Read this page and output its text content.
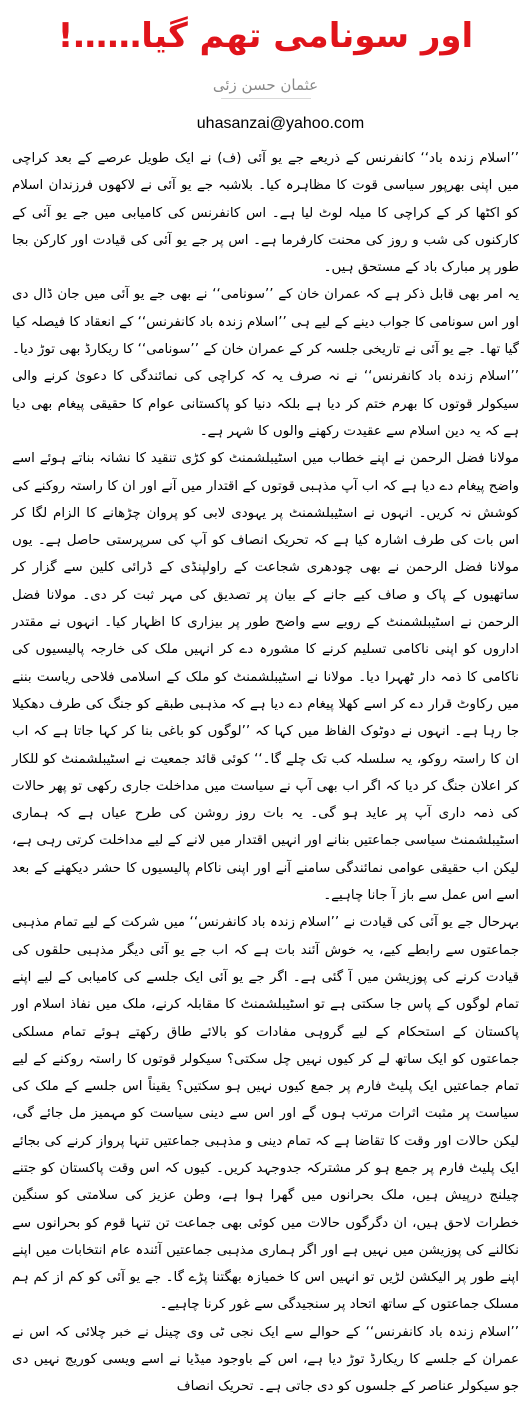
اور سونامی تھم گیا……!
عثمان حسن زئی
uhasanzai@yahoo.com

’’اسلام زندہ باد‘‘ کانفرنس کے ذریعے جے یو آئی (ف) نے ایک طویل عرصے کے بعد کراچی میں اپنی بھرپور سیاسی قوت کا مظاہرہ کیا۔ بلاشبہ جے یو آئی نے لاکھوں فرزندان اسلام کو اکٹھا کر کے کراچی کا میلہ لوٹ لیا ہے۔ اس کانفرنس کی کامیابی میں جے یو آئی کے کارکنوں کی شب و روز کی محنت کارفرما ہے۔ اس پر جے یو آئی کی قیادت اور کارکن بجا طور پر مبارک باد کے مستحق ہیں۔

یہ امر بھی قابل ذکر ہے کہ عمران خان کے ’’سونامی‘‘ نے بھی جے یو آئی میں جان ڈال دی اور اس سونامی کا جواب دینے کے لیے ہی ’’اسلام زندہ باد کانفرنس‘‘ کے انعقاد کا فیصلہ کیا گیا تھا۔ جے یو آئی نے تاریخی جلسہ کر کے عمران خان کے ’’سونامی‘‘ کا ریکارڈ بھی توڑ دیا۔ ’’اسلام زندہ باد کانفرنس‘‘ نے نہ صرف یہ کہ کراچی کی نمائندگی کا دعویٰ کرنے والی سیکولر قوتوں کا بھرم ختم کر دیا ہے بلکہ دنیا کو پاکستانی عوام کا حقیقی پیغام بھی دیا ہے کہ یہ دین اسلام سے عقیدت رکھنے والوں کا شہر ہے۔

مولانا فضل الرحمن نے اپنے خطاب میں اسٹیبلشمنٹ کو کڑی تنقید کا نشانہ بناتے ہوئے اسے واضح پیغام دے دیا ہے کہ اب آپ مذہبی قوتوں کے اقتدار میں آنے اور ان کا راستہ روکنے کی کوشش نہ کریں۔ انہوں نے اسٹیبلشمنٹ پر یہودی لابی کو پروان چڑھانے کا الزام لگا کر اس بات کی طرف اشارہ کیا ہے کہ تحریک انصاف کو آپ کی سرپرستی حاصل ہے۔ یوں مولانا فضل الرحمن نے بھی چودھری شجاعت کے راولپنڈی کے ڈرائی کلین سے گزار کر ساتھیوں کے پاک و صاف کیے جانے کے بیان پر تصدیق کی مہر ثبت کر دی۔ مولانا فضل الرحمن نے اسٹیبلشمنٹ کے رویے سے واضح طور پر بیزاری کا اظہار کیا۔ انہوں نے مقتدر اداروں کو اپنی ناکامی تسلیم کرنے کا مشورہ دے کر انہیں ملک کی خارجہ پالیسیوں کی ناکامی کا ذمہ دار ٹھہرا دیا۔ مولانا نے اسٹیبلشمنٹ کو ملک کے اسلامی فلاحی ریاست بننے میں رکاوٹ قرار دے کر اسے کھلا پیغام دے دیا ہے کہ مذہبی طبقے کو جنگ کی طرف دھکیلا جا رہا ہے۔ انہوں نے دوٹوک الفاظ میں کہا کہ ’’لوگوں کو باغی بنا کر کہا جاتا ہے کہ اب ان کا راستہ روکو، یہ سلسلہ کب تک چلے گا۔‘‘ کوئی قائد جمعیت نے اسٹیبلشمنٹ کو للکار کر اعلان جنگ کر دیا کہ اگر اب بھی آپ نے سیاست میں مداخلت جاری رکھی تو پھر حالات کی ذمہ داری آپ پر عاید ہو گی۔ یہ بات روز روشن کی طرح عیاں ہے کہ ہماری اسٹیبلشمنٹ سیاسی جماعتیں بنانے اور انہیں اقتدار میں لانے کے لیے مداخلت کرتی رہی ہے، لیکن اب حقیقی عوامی نمائندگی سامنے آنے اور اپنی ناکام پالیسیوں کا حشر دیکھنے کے بعد اسے اس عمل سے باز آ جانا چاہیے۔

بہرحال جے یو آئی کی قیادت نے ’’اسلام زندہ باد کانفرنس‘‘ میں شرکت کے لیے تمام مذہبی جماعتوں سے رابطے کیے، یہ خوش آئند بات ہے کہ اب جے یو آئی دیگر مذہبی حلقوں کی قیادت کرنے کی پوزیشن میں آ گئی ہے۔ اگر جے یو آئی ایک جلسے کی کامیابی کے لیے اپنے تمام لوگوں کے پاس جا سکتی ہے تو اسٹیبلشمنٹ کا مقابلہ کرنے، ملک میں نفاذ اسلام اور پاکستان کے استحکام کے لیے گروہی مفادات کو بالائے طاق رکھتے ہوئے تمام مسلکی جماعتوں کو ایک ساتھ لے کر کیوں نہیں چل سکتی؟ سیکولر قوتوں کا راستہ روکنے کے لیے تمام جماعتیں ایک پلیٹ فارم پر جمع کیوں نہیں ہو سکتیں؟ یقیناً اس جلسے کے ملک کی سیاست پر مثبت اثرات مرتب ہوں گے اور اس سے دینی سیاست کو مہمیز مل جائے گی، لیکن حالات اور وقت کا تقاضا ہے کہ تمام دینی و مذہبی جماعتیں تنہا پرواز کرنے کی بجائے ایک پلیٹ فارم پر جمع ہو کر مشترکہ جدوجہد کریں۔ کیوں کہ اس وقت پاکستان کو جتنے چیلنج درپیش ہیں، ملک بحرانوں میں گھرا ہوا ہے، وطن عزیز کی سلامتی کو سنگین خطرات لاحق ہیں، ان دگرگوں حالات میں کوئی بھی جماعت تن تنہا قوم کو بحرانوں سے نکالنے کی پوزیشن میں نہیں ہے اور اگر ہماری مذہبی جماعتیں آئندہ عام انتخابات میں اپنے اپنے طور پر الیکشن لڑیں تو انہیں اس کا خمیازہ بھگتنا پڑے گا۔ جے یو آئی کو کم از کم ہم مسلک جماعتوں کے ساتھ اتحاد پر سنجیدگی سے غور کرنا چاہیے۔

’’اسلام زندہ باد کانفرنس‘‘ کے حوالے سے ایک نجی ٹی وی چینل نے خبر چلائی کہ اس نے عمران کے جلسے کا ریکارڈ توڑ دیا ہے، اس کے باوجود میڈیا نے اسے ویسی کوریج نہیں دی جو سیکولر عناصر کے جلسوں کو دی جاتی ہے۔ تحریک انصاف
